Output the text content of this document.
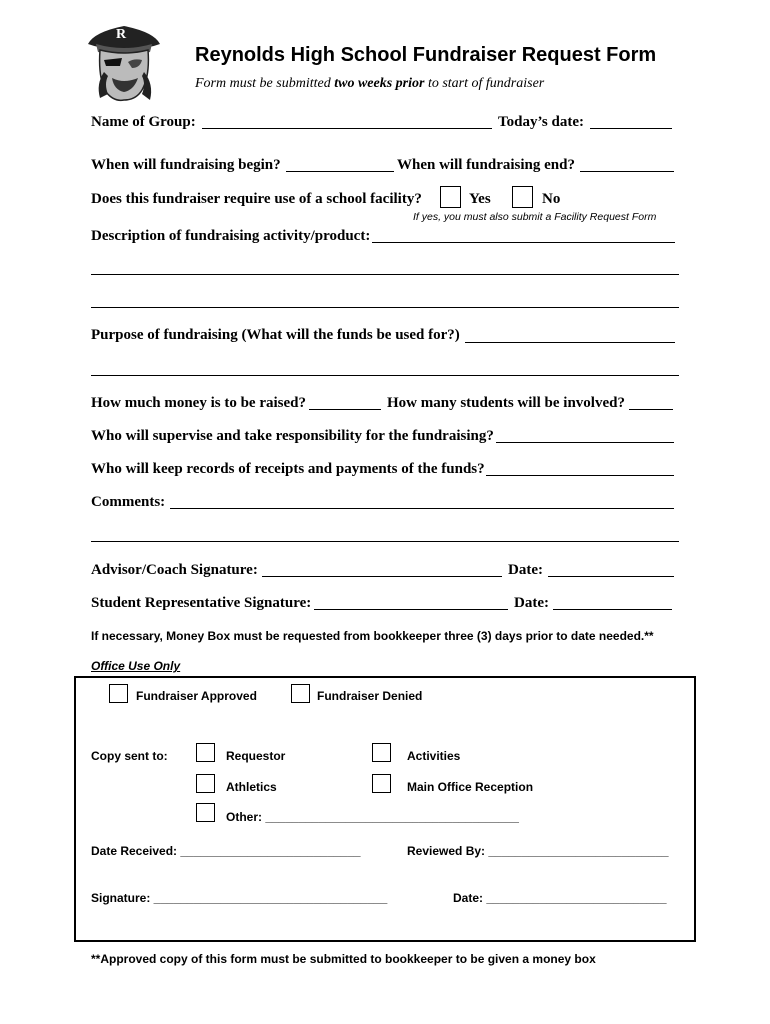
R
Reynolds High School Fundraiser Request Form
Form must be submitted two weeks prior to start of fundraiser
Name of Group:	Today’s date:
When will fundraising begin?	When will fundraising end?
Does this fundraiser require use of a school facility?	Yes	No
If yes, you must also submit a Facility Request Form
Description of fundraising activity/product:
Purpose of fundraising (What will the funds be used for?)
How much money is to be raised?	How many students will be involved?
Who will supervise and take responsibility for the fundraising?
Who will keep records of receipts and payments of the funds?
Comments:
Advisor/Coach Signature:	Date:
Student Representative Signature:	Date:
If necessary, Money Box must be requested from bookkeeper three (3) days prior to date needed.**
Office Use Only
Fundraiser Approved	Fundraiser Denied
Copy sent to:	Requestor	Activities
Athletics	Main Office Reception
Other: ______________________________________
Date Received: ___________________________	Reviewed By: ___________________________
Signature: ___________________________________	Date: ___________________________
**Approved copy of this form must be submitted to bookkeeper to be given a money box
